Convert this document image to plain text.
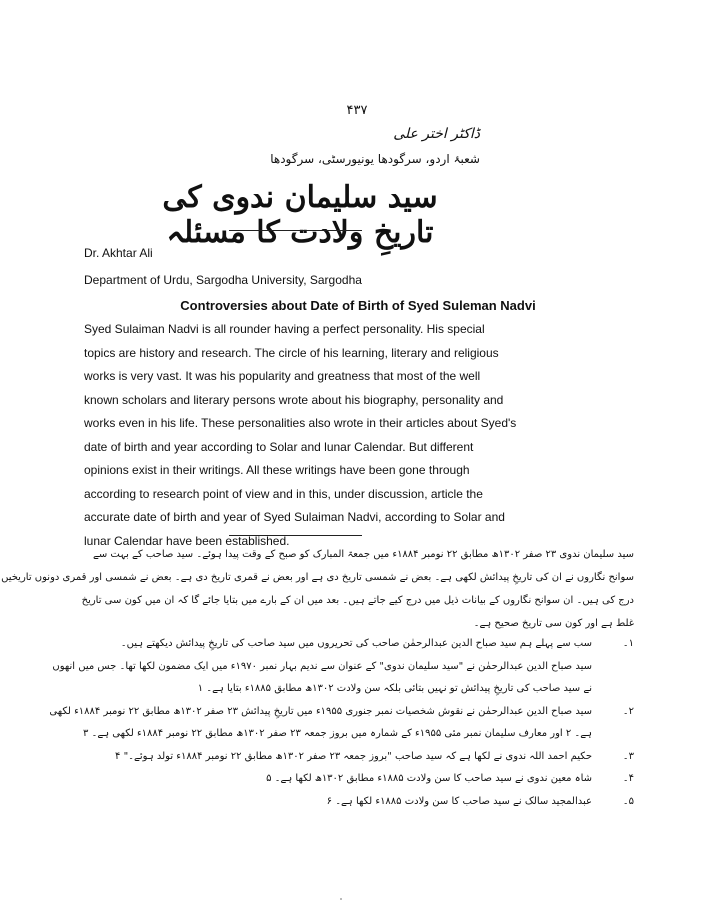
۴۳۷
ڈاکٹر اختر علی
شعبۂ اردو، سرگودھا یونیورسٹی، سرگودھا
سید سلیمان ندوی کی تاریخِ ولادت کا مسئلہ
Dr. Akhtar Ali
Department of Urdu, Sargodha University, Sargodha
Controversies about Date of Birth of Syed Suleman Nadvi
Syed Sulaiman Nadvi is all rounder having a perfect personality. His special
topics are history and research. The circle of his learning, literary and religious
works is very vast. It was his popularity and greatness that most of the well
known scholars and literary persons wrote about his biography, personality and
works even in his life. These personalities also wrote in their articles about Syed's
date of birth and year according to Solar and lunar Calendar. But different
opinions exist in their writings. All these writings have been gone through
according to research point of view and in this, under discussion, article the
accurate date of birth and year of Syed Sulaiman Nadvi, according to Solar and
lunar Calendar have been established.
سید سلیمان ندوی ۲۳ صفر ۱۳۰۲ھ مطابق ۲۲ نومبر ۱۸۸۴ء میں جمعۃ المبارک کو صبح کے وقت پیدا ہوئے۔ سید صاحب کے بہت سے
سوانح نگاروں نے ان کی تاریخِ پیدائش لکھی ہے۔ بعض نے شمسی تاریخ دی ہے اور بعض نے قمری تاریخ دی ہے۔ بعض نے شمسی اور قمری دونوں تاریخیں
درج کی ہیں۔ ان سوانح نگاروں کے بیانات ذیل میں درج کیے جاتے ہیں۔ بعد میں ان کے بارے میں بتایا جائے گا کہ ان میں کون سی تاریخ
غلط ہے اور کون سی تاریخ صحیح ہے۔
۱۔
سب سے پہلے ہم سید صباح الدین عبدالرحمٰن صاحب کی تحریروں میں سید صاحب کی تاریخِ پیدائش دیکھتے ہیں۔
سید صباح الدین عبدالرحمٰن نے "سید سلیمان ندوی" کے عنوان سے ندیم بہار نمبر ۱۹۷۰ء میں ایک مضمون لکھا تھا۔ جس میں انھوں
نے سید صاحب کی تاریخِ پیدائش تو نہیں بتائی بلکہ سن ولادت ۱۳۰۲ھ مطابق ۱۸۸۵ء بتایا ہے۔ ۱
۲۔
سید صباح الدین عبدالرحمٰن نے نقوش شخصیات نمبر جنوری ۱۹۵۵ء میں تاریخِ پیدائش ۲۳ صفر ۱۳۰۲ھ مطابق ۲۲ نومبر ۱۸۸۴ء لکھی
ہے۔ ۲ اور معارف سلیمان نمبر مئی ۱۹۵۵ء کے شمارہ میں بروز جمعہ ۲۳ صفر ۱۳۰۲ھ مطابق ۲۲ نومبر ۱۸۸۴ء لکھی ہے۔ ۳
۳۔
حکیم احمد اللہ ندوی نے لکھا ہے کہ سید صاحب "بروز جمعہ ۲۳ صفر ۱۳۰۲ھ مطابق ۲۲ نومبر ۱۸۸۴ء تولد ہوئے۔" ۴
۴۔
شاہ معین ندوی نے سید صاحب کا سن ولادت ۱۸۸۵ء مطابق ۱۳۰۲ھ لکھا ہے۔ ۵
۵۔
عبدالمجید سالک نے سید صاحب کا سن ولادت ۱۸۸۵ء لکھا ہے۔ ۶
